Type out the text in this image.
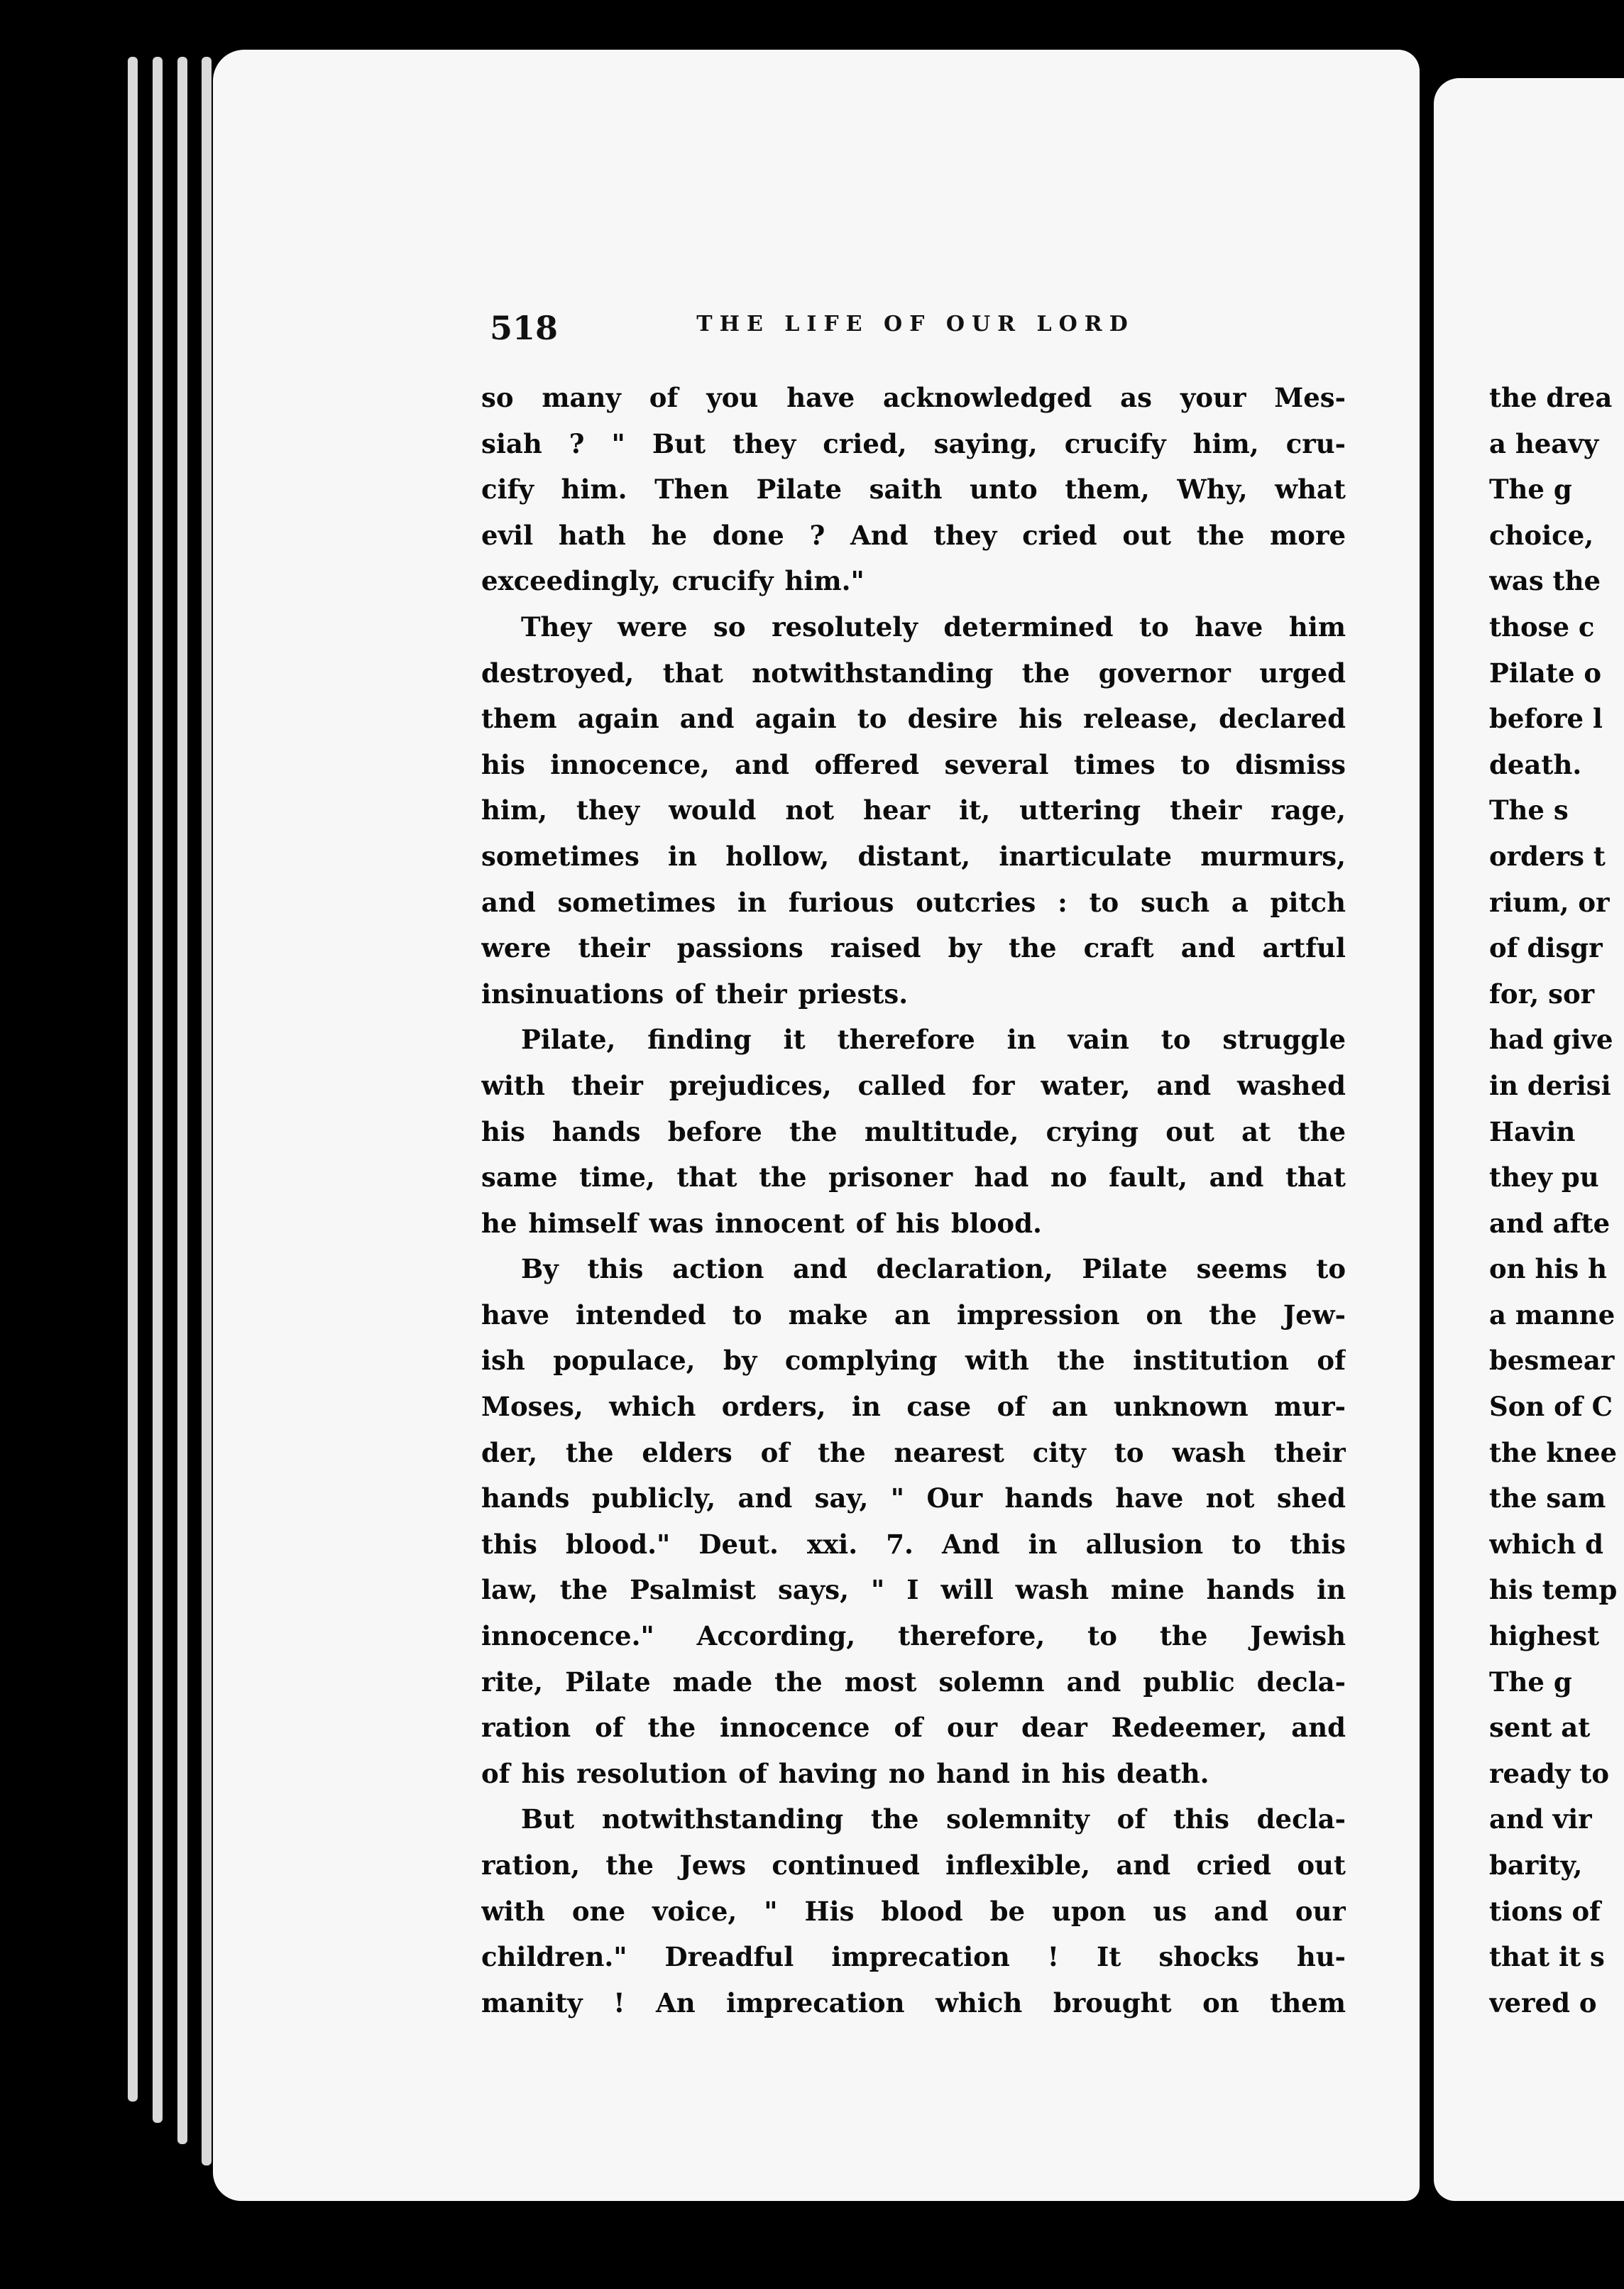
518	THE LIFE OF OUR LORD

so many of you have acknowledged as your Mes-
siah ? " But they cried, saying, crucify him, cru-
cify him. Then Pilate saith unto them, Why, what
evil hath he done ? And they cried out the more
exceedingly, crucify him."

They were so resolutely determined to have him
destroyed, that notwithstanding the governor urged
them again and again to desire his release, declared
his innocence, and offered several times to dismiss
him, they would not hear it, uttering their rage,
sometimes in hollow, distant, inarticulate murmurs,
and sometimes in furious outcries : to such a pitch
were their passions raised by the craft and artful
insinuations of their priests.

Pilate, finding it therefore in vain to struggle
with their prejudices, called for water, and washed
his hands before the multitude, crying out at the
same time, that the prisoner had no fault, and that
he himself was innocent of his blood.

By this action and declaration, Pilate seems to
have intended to make an impression on the Jew-
ish populace, by complying with the institution of
Moses, which orders, in case of an unknown mur-
der, the elders of the nearest city to wash their
hands publicly, and say, " Our hands have not shed
this blood." Deut. xxi. 7. And in allusion to this
law, the Psalmist says, " I will wash mine hands in
innocence." According, therefore, to the Jewish
rite, Pilate made the most solemn and public decla-
ration of the innocence of our dear Redeemer, and
of his resolution of having no hand in his death.

But notwithstanding the solemnity of this decla-
ration, the Jews continued inflexible, and cried out
with one voice, " His blood be upon us and our
children." Dreadful imprecation ! It shocks hu-
manity ! An imprecation which brought on them

the drea
a heavy
The g
choice,
was the
those c
Pilate o
before l
death.
The s
orders t
rium, or
of disgr
for, sor
had give
in derisi
Havin
they pu
and afte
on his h
a manne
besmear
Son of C
the knee
the sam
which d
his temp
highest
The g
sent at
ready to
and vir
barity,
tions of
that it s
vered o
